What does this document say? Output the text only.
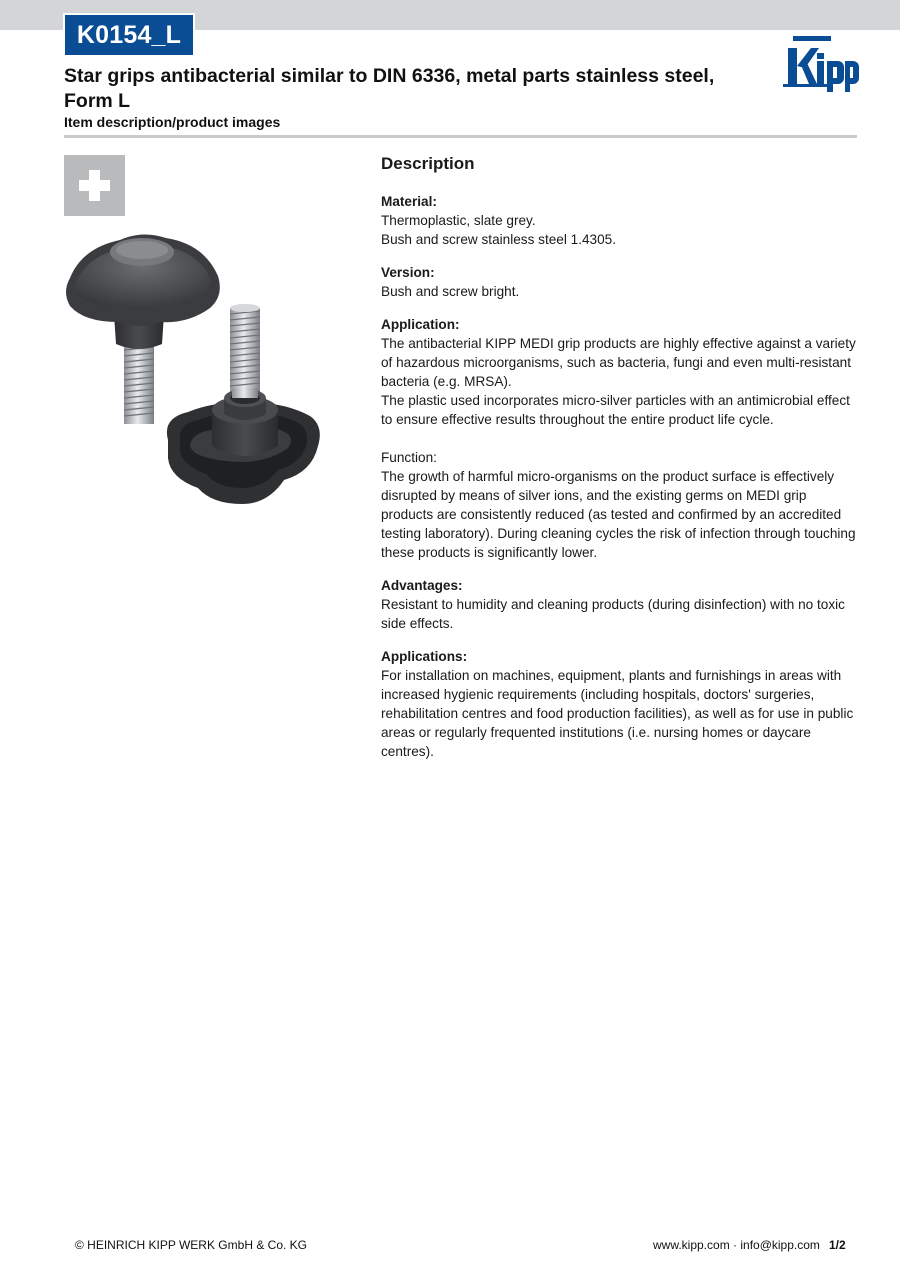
K0154_L
Star grips antibacterial similar to DIN 6336, metal parts stainless steel, Form L
Item description/product images
Description
Material:

Thermoplastic, slate grey.

Bush and screw stainless steel 1.4305.

Version:

Bush and screw bright.

Application:

The antibacterial KIPP MEDI grip products are highly effective against a variety of hazardous microorganisms, such as bacteria, fungi and even multi-resistant bacteria (e.g. MRSA).

The plastic used incorporates micro-silver particles with an antimicrobial effect to ensure effective results throughout the entire product life cycle.

Function:

The growth of harmful micro-organisms on the product surface is effectively disrupted by means of silver ions, and the existing germs on MEDI grip products are consistently reduced (as tested and confirmed by an accredited testing laboratory). During cleaning cycles the risk of infection through touching these products is significantly lower.

Advantages:

Resistant to humidity and cleaning products (during disinfection) with no toxic side effects.

Applications:

For installation on machines, equipment, plants and furnishings in areas with increased hygienic requirements (including hospitals, doctors' surgeries, rehabilitation centres and food production facilities), as well as for use in public areas or regularly frequented institutions (i.e. nursing homes or daycare centres).

© HEINRICH KIPP WERK GmbH & Co. KG	www.kipp.com · info@kipp.com 1/2
